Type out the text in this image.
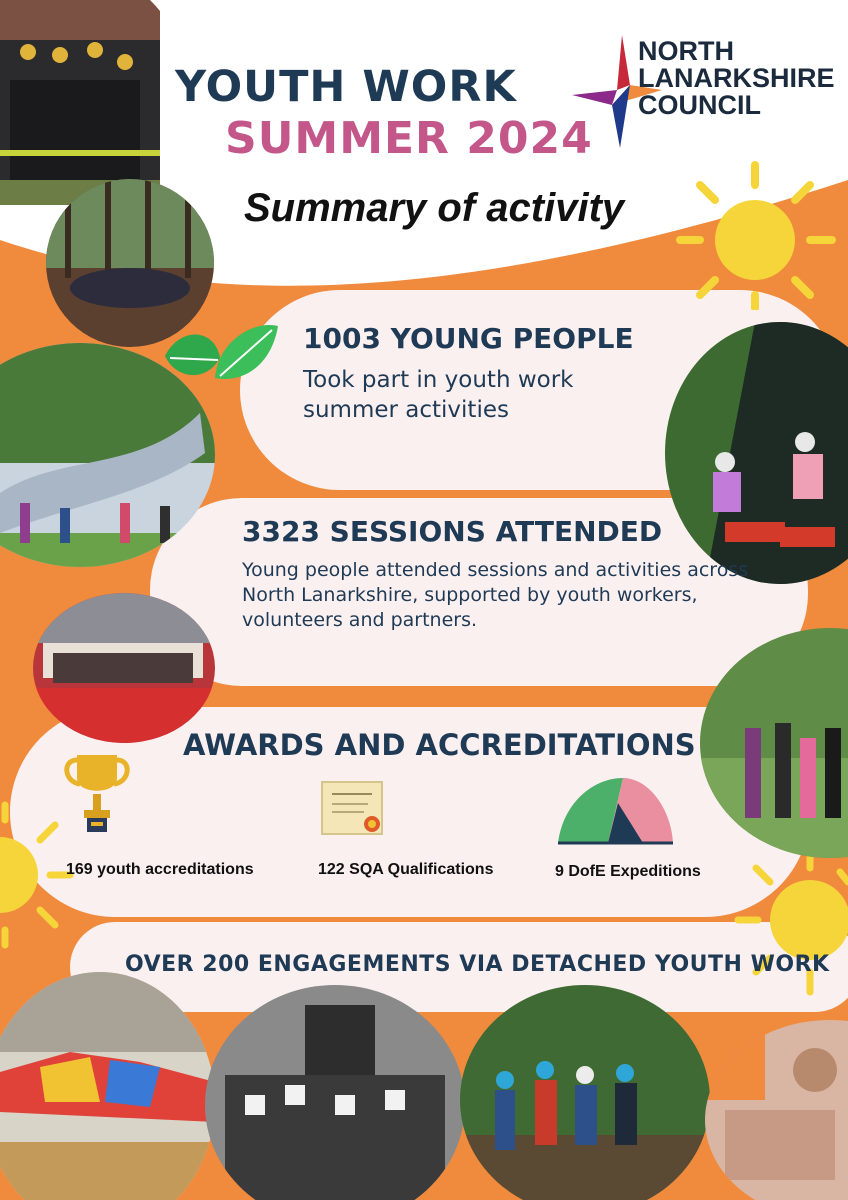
NORTH
LANARKSHIRE
COUNCIL
YOUTH WORK
SUMMER 2024
Summary of activity
1003 YOUNG PEOPLE
Took part in youth work summer activities
3323 SESSIONS ATTENDED
Young people attended sessions and activities across North Lanarkshire, supported by youth workers, volunteers and partners.
AWARDS AND ACCREDITATIONS
169 youth accreditations	122 SQA Qualifications	9 DofE Expeditions
OVER 200 ENGAGEMENTS VIA DETACHED YOUTH WORK
